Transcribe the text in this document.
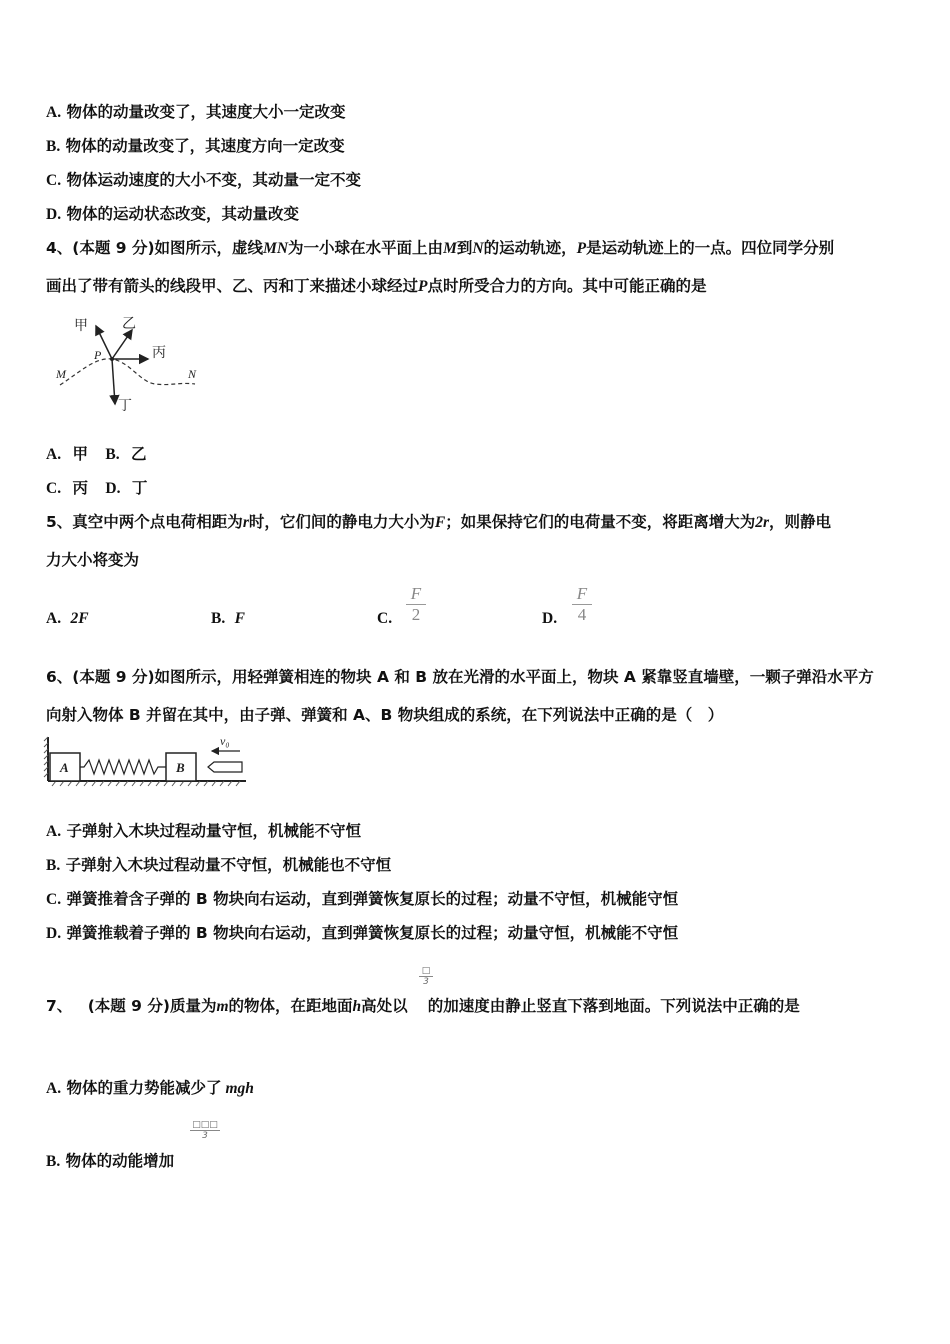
A. 物体的动量改变了，其速度大小一定改变
B. 物体的动量改变了，其速度方向一定改变
C. 物体运动速度的大小不变，其动量一定不变
D. 物体的运动状态改变，其动量改变
4、(本题 9 分)如图所示，虚线MN为一小球在水平面上由M到N的运动轨迹，P是运动轨迹上的一点。四位同学分别
画出了带有箭头的线段甲、乙、丙和丁来描述小球经过P点时所受合力的方向。其中可能正确的是
甲 乙
丙
丁
P
M	N
A. 甲 B. 乙
C. 丙 D. 丁
5、真空中两个点电荷相距为r时，它们间的静电力大小为F；如果保持它们的电荷量不变，将距离增大为2r，则静电
力大小将变为
A. 2F	B. F	C.
F
2	D.
F
4
6、(本题 9 分)如图所示，用轻弹簧相连的物块 A 和 B 放在光滑的水平面上，物块 A 紧靠竖直墙壁，一颗子弹沿水平方
向射入物体 B 并留在其中，由子弹、弹簧和 A、B 物块组成的系统，在下列说法中正确的是（　）
A	B
v₀
A. 子弹射入木块过程动量守恒，机械能不守恒
B. 子弹射入木块过程动量不守恒，机械能也不守恒
C. 弹簧推着含子弹的 B 物块向右运动，直到弹簧恢复原长的过程；动量不守恒，机械能守恒
D. 弹簧推载着子弹的 B 物块向右运动，直到弹簧恢复原长的过程；动量守恒，机械能不守恒
□
3
7、 (本题 9 分)质量为m的物体，在距地面h高处以 的加速度由静止竖直下落到地面。下列说法中正确的是
A. 物体的重力势能减少了 mgh
□□□
3
B. 物体的动能增加
